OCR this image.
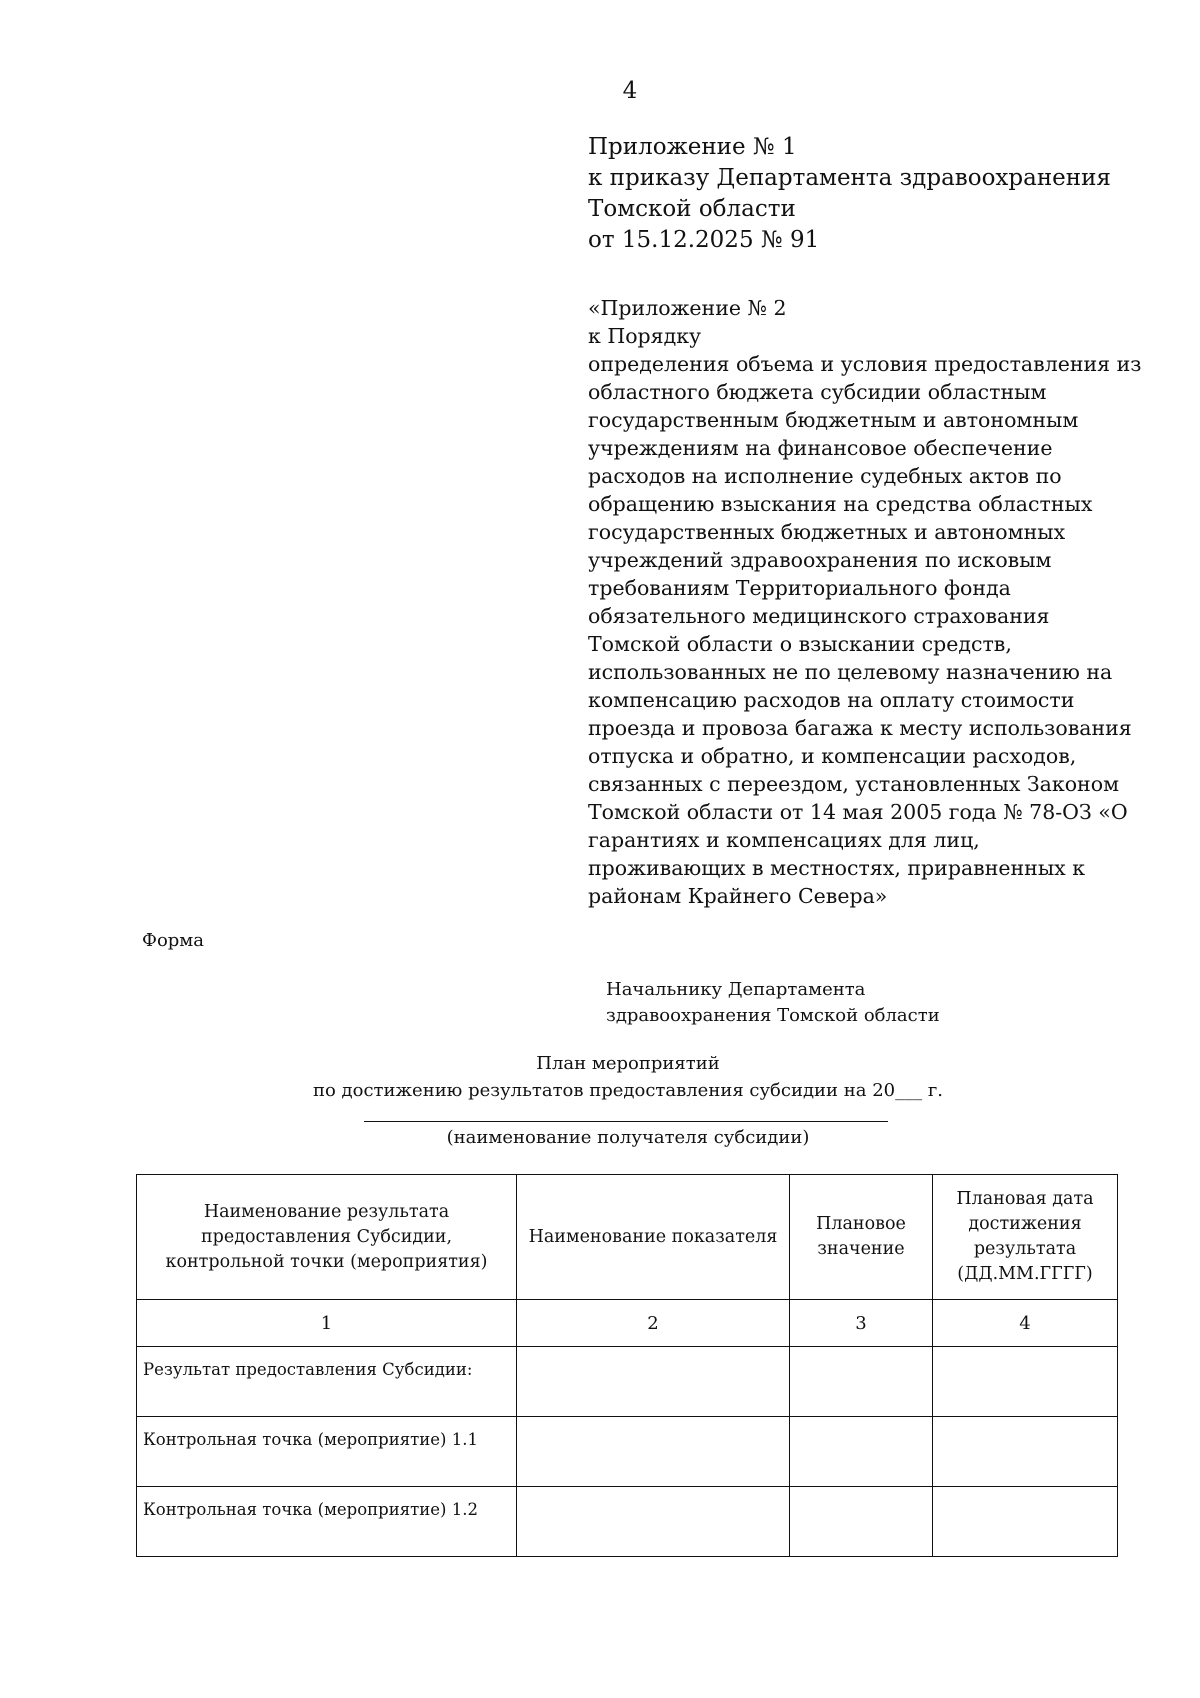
4
Приложение № 1
к приказу Департамента здравоохранения
Томской области
от 15.12.2025 № 91
«Приложение № 2
к Порядку
определения объема и условия предоставления из
областного бюджета субсидии областным
государственным бюджетным и автономным
учреждениям на финансовое обеспечение
расходов на исполнение судебных актов по
обращению взыскания на средства областных
государственных бюджетных и автономных
учреждений здравоохранения по исковым
требованиям Территориального фонда
обязательного медицинского страхования
Томской области о взыскании средств,
использованных не по целевому назначению на
компенсацию расходов на оплату стоимости
проезда и провоза багажа к месту использования
отпуска и обратно, и компенсации расходов,
связанных с переездом, установленных Законом
Томской области от 14 мая 2005 года № 78-ОЗ «О
гарантиях и компенсациях для лиц,
проживающих в местностях, приравненных к
районам Крайнего Севера»
Форма
Начальнику Департамента
здравоохранения Томской области
План мероприятий
по достижению результатов предоставления субсидии на 20___ г.
(наименование получателя субсидии)
Наименование результата предоставления Субсидии, контрольной точки (мероприятия)	Наименование показателя	Плановое значение	Плановая дата достижения результата (ДД.ММ.ГГГГ)
1	2	3	4
Результат предоставления Субсидии:			
Контрольная точка (мероприятие) 1.1			
Контрольная точка (мероприятие) 1.2			
